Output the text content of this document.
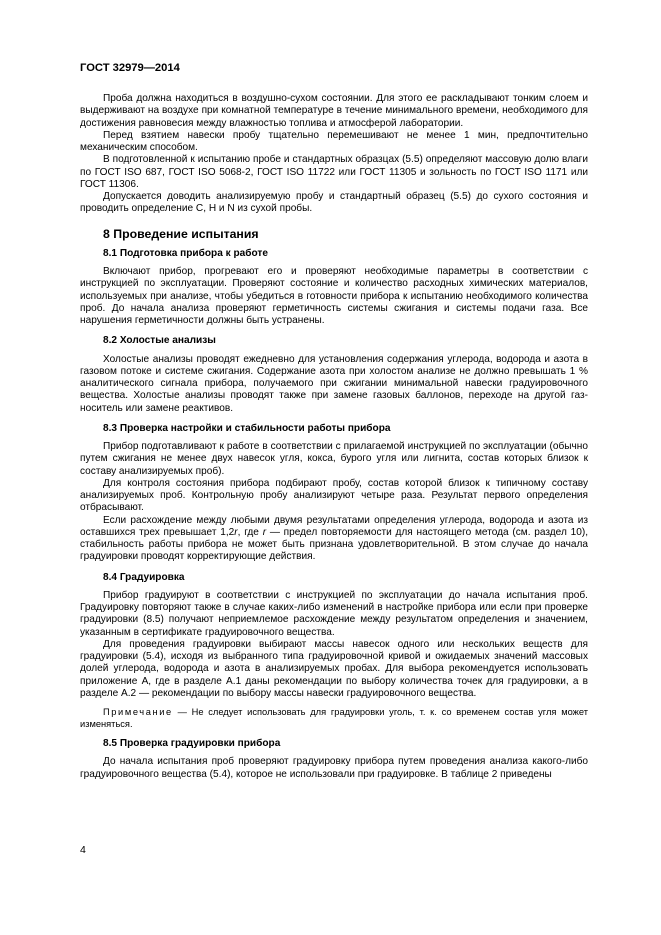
ГОСТ 32979—2014

Проба должна находиться в воздушно-сухом состоянии. Для этого ее раскладывают тонким слоем и выдерживают на воздухе при комнатной температуре в течение минимального времени, необходимого для достижения равновесия между влажностью топлива и атмосферой лаборатории.

Перед взятием навески пробу тщательно перемешивают не менее 1 мин, предпочтительно механическим способом.

В подготовленной к испытанию пробе и стандартных образцах (5.5) определяют массовую долю влаги по ГОСТ ISO 687, ГОСТ ISO 5068-2, ГОСТ ISO 11722 или ГОСТ 11305 и зольность по ГОСТ ISO 1171 или ГОСТ 11306.

Допускается доводить анализируемую пробу и стандартный образец (5.5) до сухого состояния и проводить определение С, Н и N из сухой пробы.

8 Проведение испытания
8.1 Подготовка прибора к работе

Включают прибор, прогревают его и проверяют необходимые параметры в соответствии с инструкцией по эксплуатации. Проверяют состояние и количество расходных химических материалов, используемых при анализе, чтобы убедиться в готовности прибора к испытанию необходимого количества проб. До начала анализа проверяют герметичность системы сжигания и системы подачи газа. Все нарушения герметичности должны быть устранены.

8.2 Холостые анализы

Холостые анализы проводят ежедневно для установления содержания углерода, водорода и азота в газовом потоке и системе сжигания. Содержание азота при холостом анализе не должно превышать 1 % аналитического сигнала прибора, получаемого при сжигании минимальной навески градуировочного вещества. Холостые анализы проводят также при замене газовых баллонов, переходе на другой газ-носитель или замене реактивов.

8.3 Проверка настройки и стабильности работы прибора

Прибор подготавливают к работе в соответствии с прилагаемой инструкцией по эксплуатации (обычно путем сжигания не менее двух навесок угля, кокса, бурого угля или лигнита, состав которых близок к составу анализируемых проб).

Для контроля состояния прибора подбирают пробу, состав которой близок к типичному составу анализируемых проб. Контрольную пробу анализируют четыре раза. Результат первого определения отбрасывают.

Если расхождение между любыми двумя результатами определения углерода, водорода и азота из оставшихся трех превышает 1,2r, где r — предел повторяемости для настоящего метода (см. раздел 10), стабильность работы прибора не может быть признана удовлетворительной. В этом случае до начала градуировки проводят корректирующие действия.

8.4 Градуировка

Прибор градуируют в соответствии с инструкцией по эксплуатации до начала испытания проб. Градуировку повторяют также в случае каких-либо изменений в настройке прибора или если при проверке градуировки (8.5) получают неприемлемое расхождение между результатом определения и значением, указанным в сертификате градуировочного вещества.

Для проведения градуировки выбирают массы навесок одного или нескольких веществ для градуировки (5.4), исходя из выбранного типа градуировочной кривой и ожидаемых значений массовых долей углерода, водорода и азота в анализируемых пробах. Для выбора рекомендуется использовать приложение А, где в разделе А.1 даны рекомендации по выбору количества точек для градуировки, а в разделе А.2 — рекомендации по выбору массы навески градуировочного вещества.

Примечание — Не следует использовать для градуировки уголь, т. к. со временем состав угля может изменяться.

8.5 Проверка градуировки прибора

До начала испытания проб проверяют градуировку прибора путем проведения анализа какого-либо градуировочного вещества (5.4), которое не использовали при градуировке. В таблице 2 приведены

4
